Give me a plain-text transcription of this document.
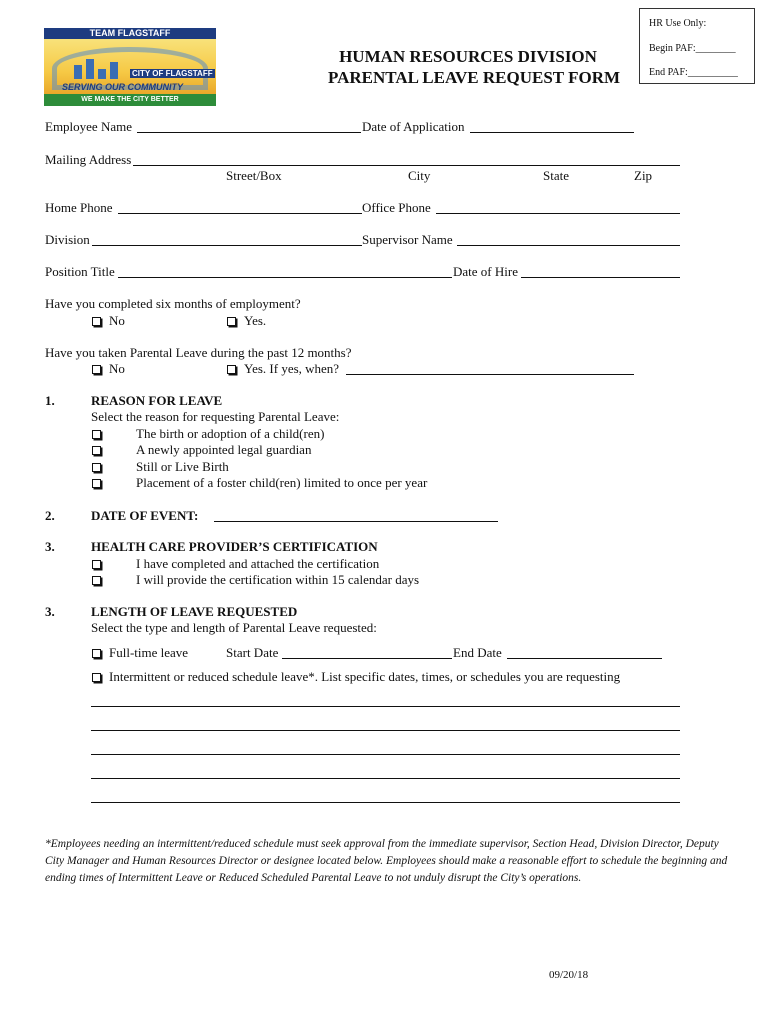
HR Use Only:
Begin PAF:________
End PAF:__________
TEAM FLAGSTAFF
CITY OF FLAGSTAFF
SERVING OUR COMMUNITY
WE MAKE THE CITY BETTER
HUMAN RESOURCES DIVISION
PARENTAL LEAVE REQUEST FORM
Employee Name	Date of Application
Mailing Address
Street/Box	City	State	Zip
Home Phone	Office Phone
Division	Supervisor Name
Position Title	Date of Hire
Have you completed six months of employment?
No	Yes.
Have you taken Parental Leave during the past 12 months?
No	Yes. If yes, when?
1.	REASON FOR LEAVE
Select the reason for requesting Parental Leave:
The birth or adoption of a child(ren)
A newly appointed legal guardian
Still or Live Birth
Placement of a foster child(ren) limited to once per year
2.	DATE OF EVENT:
3.	HEALTH CARE PROVIDER’S CERTIFICATION
I have completed and attached the certification
I will provide the certification within 15 calendar days
3.	LENGTH OF LEAVE REQUESTED
Select the type and length of Parental Leave requested:
Full-time leave	Start Date	End Date
Intermittent or reduced schedule leave*. List specific dates, times, or schedules you are requesting
*Employees needing an intermittent/reduced schedule must seek approval from the immediate supervisor, Section Head, Division Director, Deputy City Manager and Human Resources Director or designee located below. Employees should make a reasonable effort to schedule the beginning and ending times of Intermittent Leave or Reduced Scheduled Parental Leave to not unduly disrupt the City’s operations.
09/20/18
